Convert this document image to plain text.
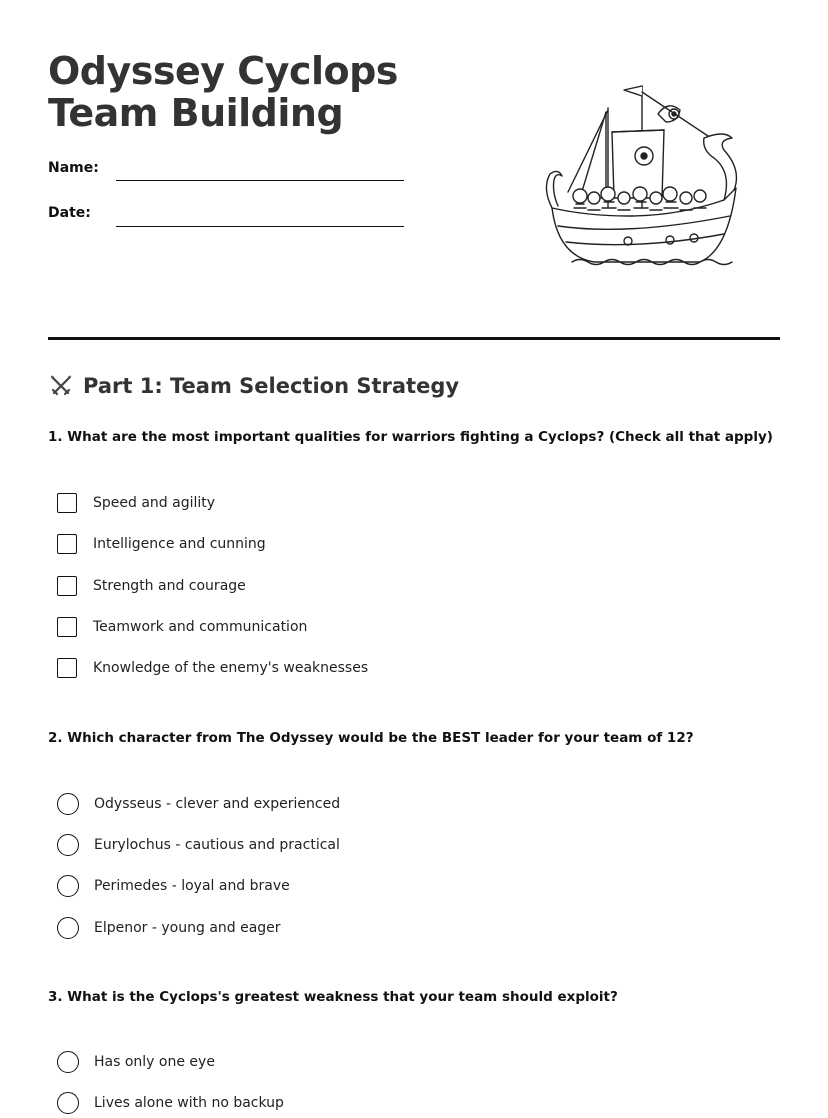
Odyssey Cyclops Team Building
Name:
Date:
Part 1: Team Selection Strategy
1. What are the most important qualities for warriors fighting a Cyclops? (Check all that apply)
Speed and agility
Intelligence and cunning
Strength and courage
Teamwork and communication
Knowledge of the enemy's weaknesses
2. Which character from The Odyssey would be the BEST leader for your team of 12?
Odysseus - clever and experienced
Eurylochus - cautious and practical
Perimedes - loyal and brave
Elpenor - young and eager
3. What is the Cyclops's greatest weakness that your team should exploit?
Has only one eye
Lives alone with no backup
